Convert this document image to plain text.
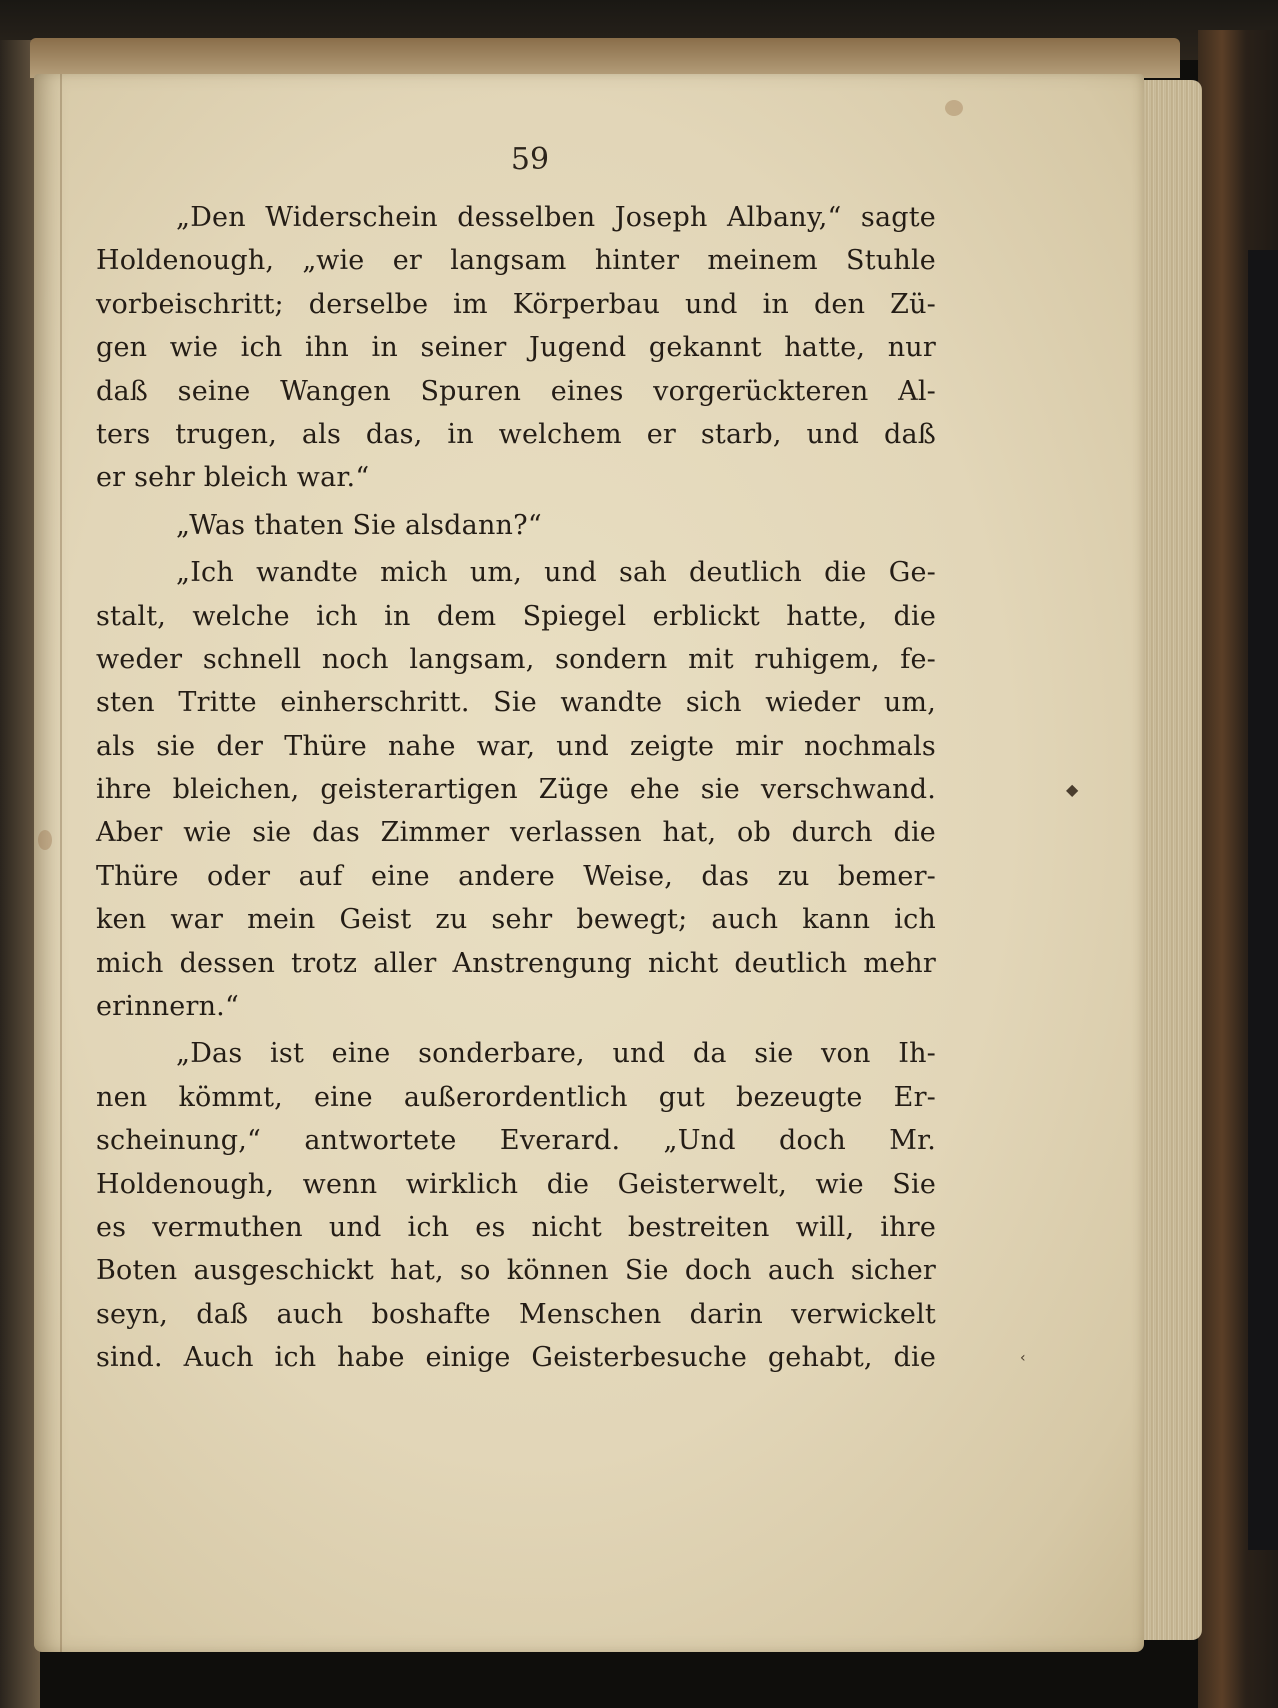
◆
‹
59
„Den Widerschein desselben Joseph Albany,“ sagte
Holdenough, „wie er langsam hinter meinem Stuhle
vorbeischritt; derselbe im Körperbau und in den Zü-
gen wie ich ihn in seiner Jugend gekannt hatte, nur
daß seine Wangen Spuren eines vorgerückteren Al-
ters trugen, als das, in welchem er starb, und daß
er sehr bleich war.“
„Was thaten Sie alsdann?“
„Ich wandte mich um, und sah deutlich die Ge-
stalt, welche ich in dem Spiegel erblickt hatte, die
weder schnell noch langsam, sondern mit ruhigem, fe-
sten Tritte einherschritt. Sie wandte sich wieder um,
als sie der Thüre nahe war, und zeigte mir nochmals
ihre bleichen, geisterartigen Züge ehe sie verschwand.
Aber wie sie das Zimmer verlassen hat, ob durch die
Thüre oder auf eine andere Weise, das zu bemer-
ken war mein Geist zu sehr bewegt; auch kann ich
mich dessen trotz aller Anstrengung nicht deutlich mehr
erinnern.“
„Das ist eine sonderbare, und da sie von Ih-
nen kömmt, eine außerordentlich gut bezeugte Er-
scheinung,“ antwortete Everard. „Und doch Mr.
Holdenough, wenn wirklich die Geisterwelt, wie Sie
es vermuthen und ich es nicht bestreiten will, ihre
Boten ausgeschickt hat, so können Sie doch auch sicher
seyn, daß auch boshafte Menschen darin verwickelt
sind. Auch ich habe einige Geisterbesuche gehabt, die
